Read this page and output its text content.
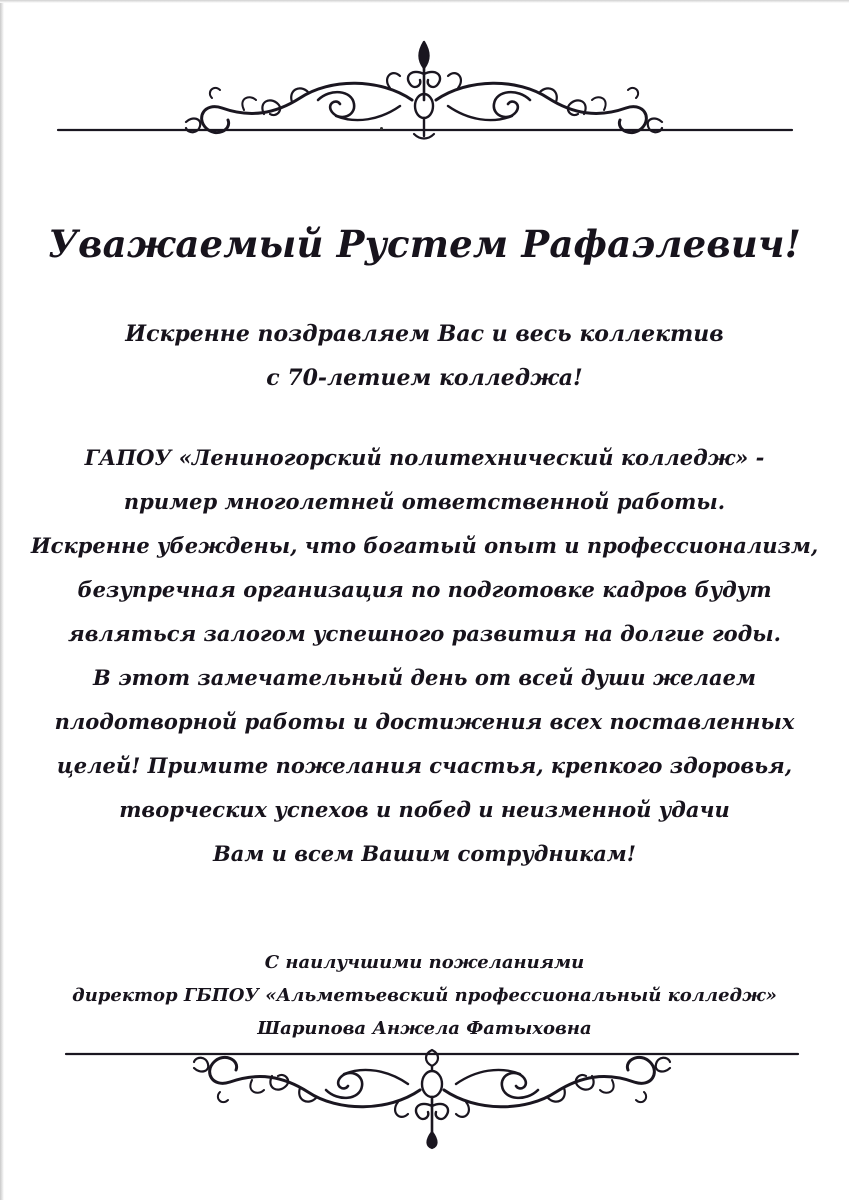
Уважаемый Рустем Рафаэлевич!

Искренне поздравляем Вас и весь коллектив
с 70-летием колледжа!

ГАПОУ «Лениногорский политехнический колледж» -
пример многолетней ответственной работы.
Искренне убеждены, что богатый опыт и профессионализм,
безупречная организация по подготовке кадров будут
являться залогом успешного развития на долгие годы.
В этот замечательный день от всей души желаем
плодотворной работы и достижения всех поставленных
целей! Примите пожелания счастья, крепкого здоровья,
творческих успехов и побед и неизменной удачи
Вам и всем Вашим сотрудникам!

С наилучшими пожеланиями
директор ГБПОУ «Альметьевский профессиональный колледж»
Шарипова Анжела Фатыховна
